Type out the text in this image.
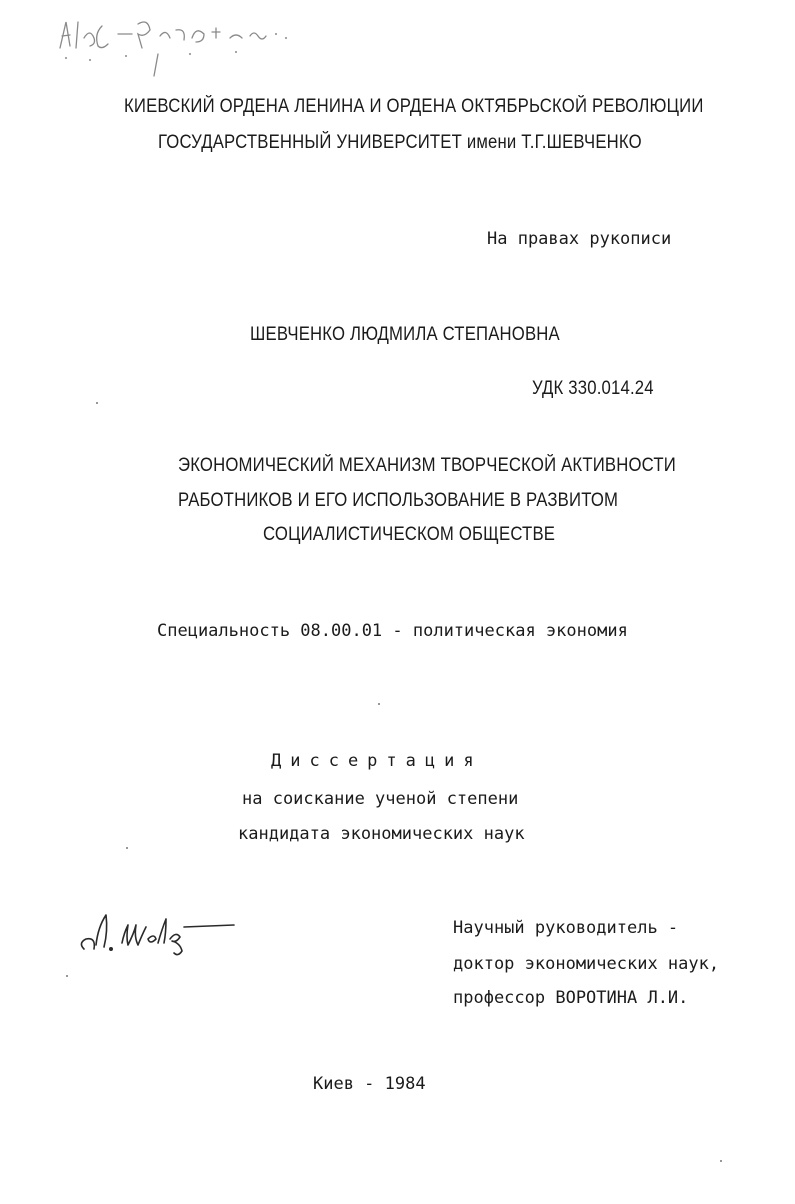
КИЕВСКИЙ ОРДЕНА ЛЕНИНА И ОРДЕНА ОКТЯБРЬСКОЙ РЕВОЛЮЦИИ
ГОСУДАРСТВЕННЫЙ УНИВЕРСИТЕТ имени Т.Г.ШЕВЧЕНКО
На правах рукописи
ШЕВЧЕНКО ЛЮДМИЛА СТЕПАНОВНА
УДК 330.014.24
ЭКОНОМИЧЕСКИЙ МЕХАНИЗМ ТВОРЧЕСКОЙ АКТИВНОСТИ
РАБОТНИКОВ И ЕГО ИСПОЛЬЗОВАНИЕ В РАЗВИТОМ
СОЦИАЛИСТИЧЕСКОМ ОБЩЕСТВЕ
Специальность 08.00.01 - политическая экономия
Диссертация
на соискание ученой степени
кандидата экономических наук
Научный руководитель -
доктор экономических наук,
профессор ВОРОТИНА Л.И.
Киев - 1984
